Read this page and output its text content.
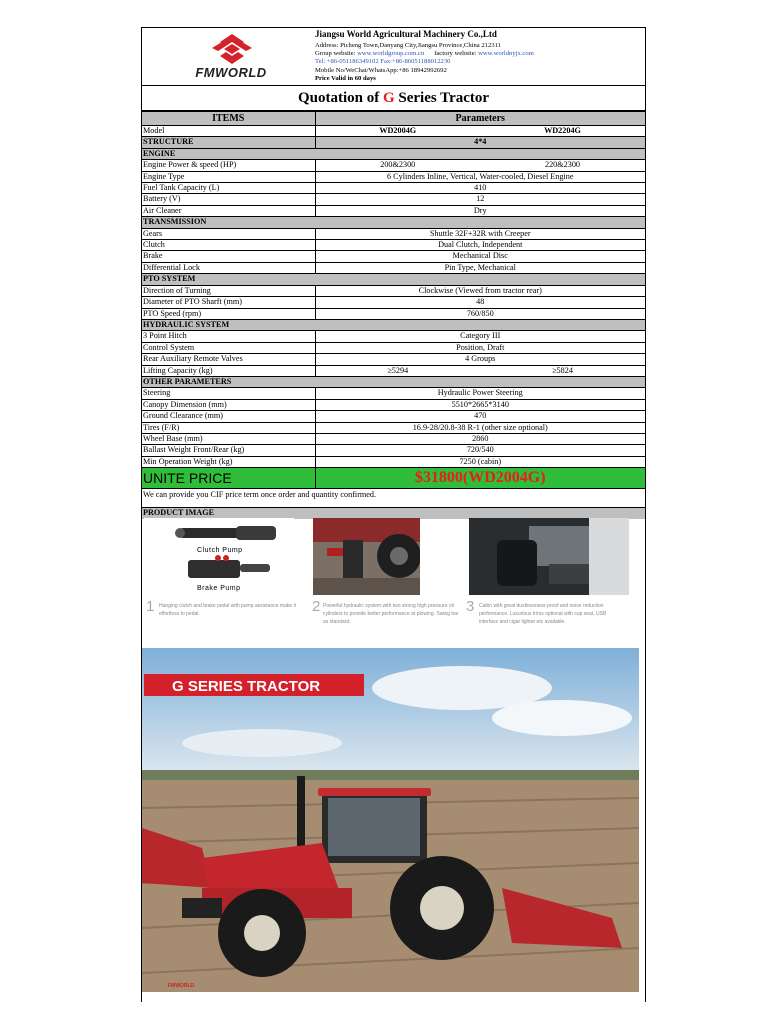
FMWORLD
Jiangsu World Agricultural Machinery Co.,Ltd
Address: Picheng Town,Danyang City,Jiangsu Province,China 212311
Group website: www.worldgroup.com.cn factory website: www.worldnyjx.com
Tel: +86-051186349102 Fax:+86-86051188012230
Mobile No/WeChat/WhatsApp:+86 18942992692
Price Valid in 60 days
Quotation of G Series Tractor
ITEMS	Parameters	
Model	WD2004G	WD2204G
STRUCTURE	4*4	
ENGINE		
Engine Power & speed (HP)	200&2300	220&2300
Engine Type	6 Cylinders Inline, Vertical, Water-cooled, Diesel Engine	
Fuel Tank Capacity (L)	410	
Battery (V)	12	
Air Cleaner	Dry	
TRANSMISSION		
Gears	Shuttle 32F+32R with Creeper	
Clutch	Dual Clutch, Independent	
Brake	Mechanical Disc	
Differential Lock	Pin Type, Mechanical	
PTO SYSTEM		
Direction of Turning	Clockwise (Viewed from tractor rear)	
Diameter of PTO Sharft (mm)	48	
PTO Speed (rpm)	760/850	
HYDRAULIC SYSTEM		
3 Point Hitch	Category III	
Control System	Position, Draft	
Rear Auxiliary Remote Valves	4 Groups	
Lifting Capacity (kg)	≥5294	≥5824
OTHER PARAMETERS		
Steering	Hydraulic Power Steering	
Canopy Dimension (mm)	5510*2665*3140	
Ground Clearance (mm)	470	
Tires (F/R)	16.9-28/20.8-38 R-1 (other size optional)	
Wheel Base (mm)	2860	
Ballast Weight Front/Rear (kg)	720/540	
Min Operation Weight (kg)	7250 (cabin)	
UNITE PRICE	$31800(WD2004G)	
We can provide you CIF price term once order and quantity confirmed.		

PRODUCT IMAGE		
Clutch Pump
Brake Pump
1 Hanging clutch and brake pedal with pump assistance make it effortless to pedal.	2 Powerful hydraulic system with two strong high pressure oil cylinders to provide better performance at plowing. Swing bar as standard.
3 Cabin with great dustlessness-proof and noise reduction performance. Luxurious trims optional with cup seat, USB interface and cigar lighter etc available.
G SERIES TRACTOR
FMWORLD
